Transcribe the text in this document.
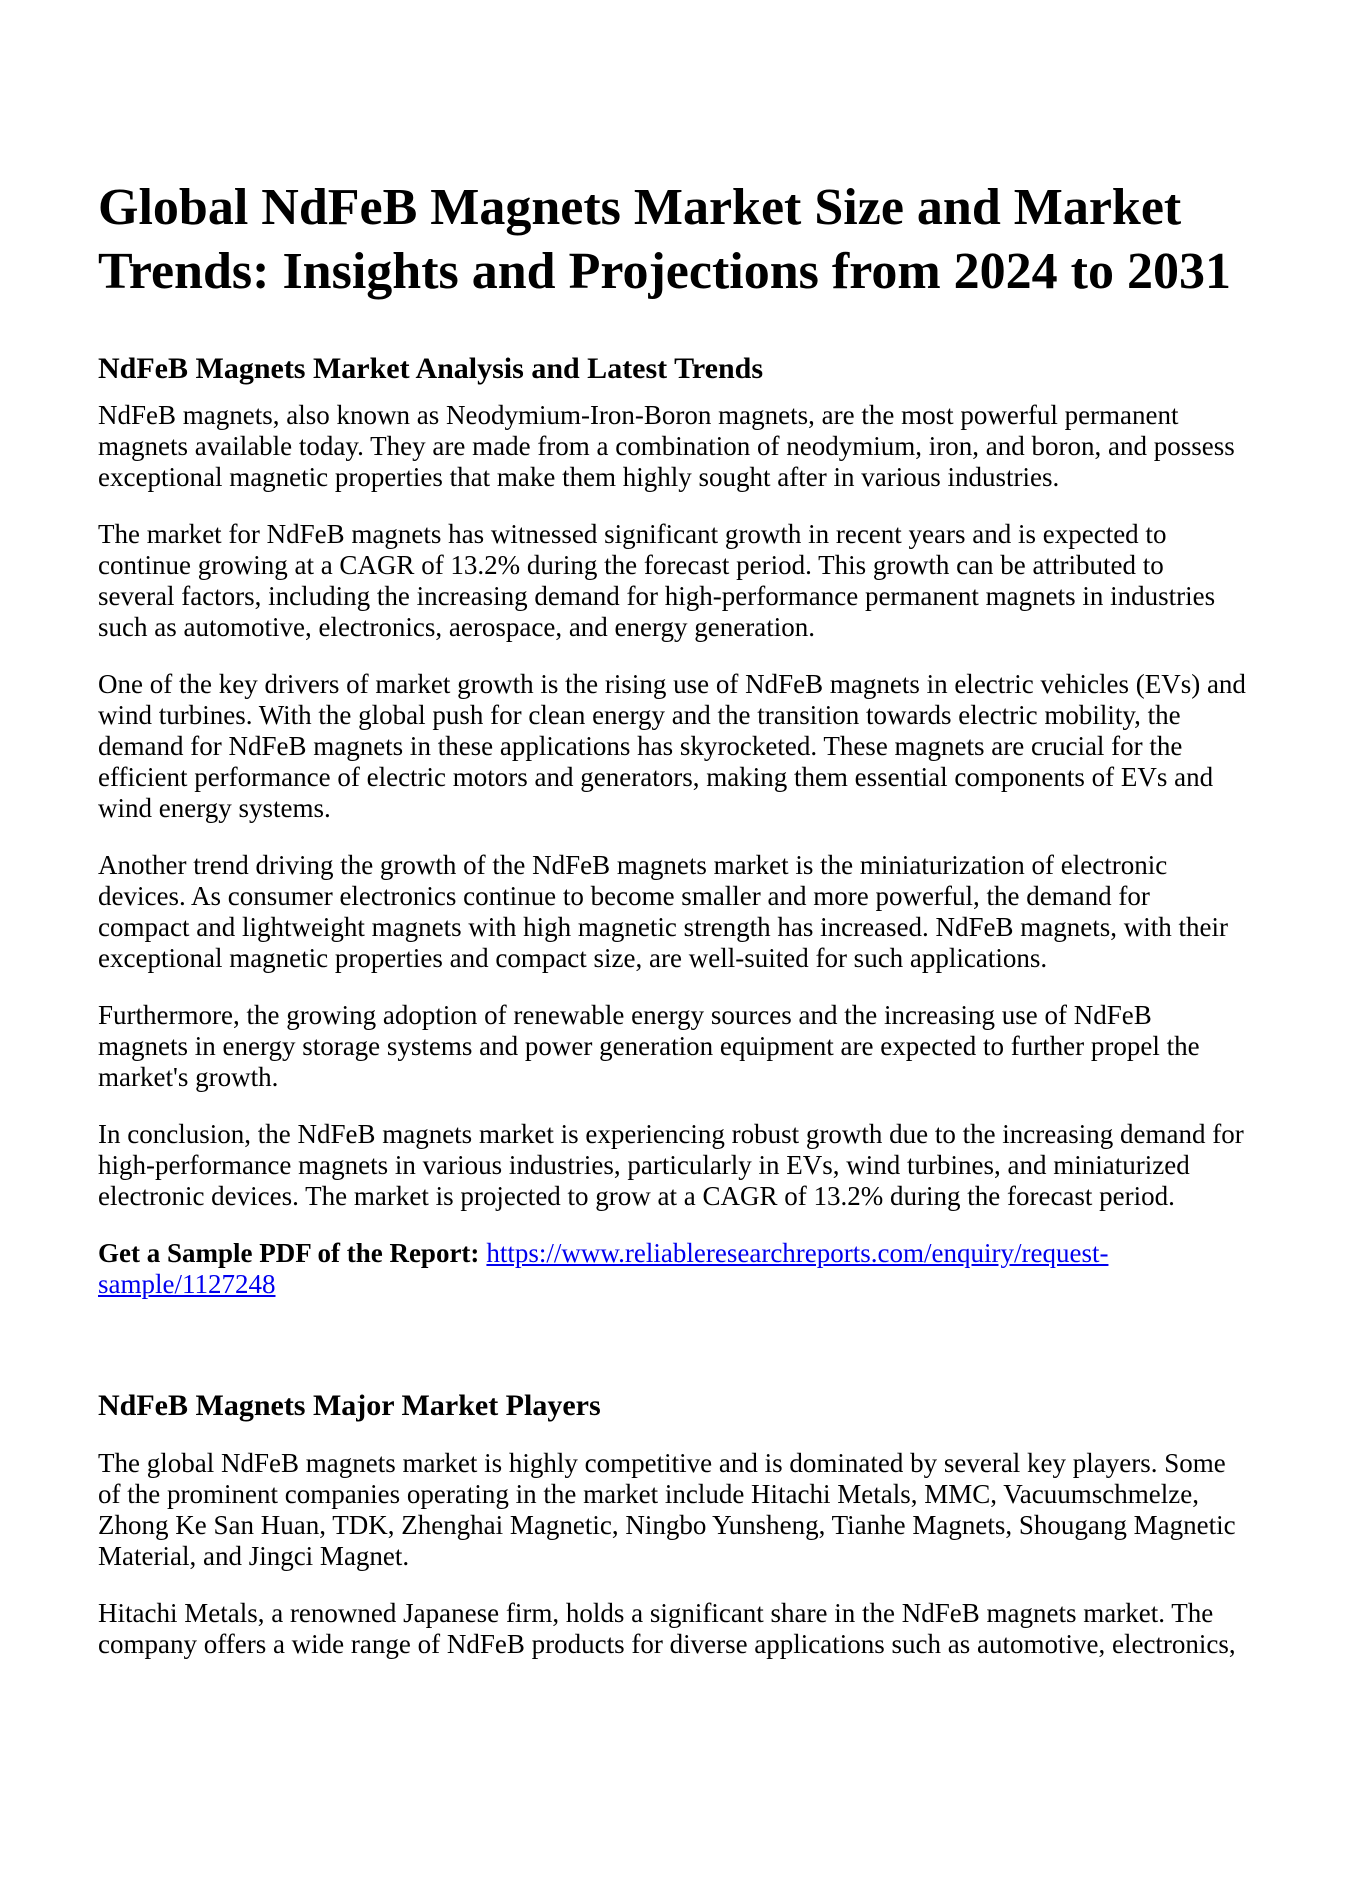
Global NdFeB Magnets Market Size and Market Trends: Insights and Projections from 2024 to 2031
NdFeB Magnets Market Analysis and Latest Trends

NdFeB magnets, also known as Neodymium-Iron-Boron magnets, are the most powerful permanent magnets available today. They are made from a combination of neodymium, iron, and boron, and possess exceptional magnetic properties that make them highly sought after in various industries.

The market for NdFeB magnets has witnessed significant growth in recent years and is expected to continue growing at a CAGR of 13.2% during the forecast period. This growth can be attributed to several factors, including the increasing demand for high-performance permanent magnets in industries such as automotive, electronics, aerospace, and energy generation.

One of the key drivers of market growth is the rising use of NdFeB magnets in electric vehicles (EVs) and wind turbines. With the global push for clean energy and the transition towards electric mobility, the demand for NdFeB magnets in these applications has skyrocketed. These magnets are crucial for the efficient performance of electric motors and generators, making them essential components of EVs and wind energy systems.

Another trend driving the growth of the NdFeB magnets market is the miniaturization of electronic devices. As consumer electronics continue to become smaller and more powerful, the demand for compact and lightweight magnets with high magnetic strength has increased. NdFeB magnets, with their exceptional magnetic properties and compact size, are well-suited for such applications.

Furthermore, the growing adoption of renewable energy sources and the increasing use of NdFeB magnets in energy storage systems and power generation equipment are expected to further propel the market's growth.

In conclusion, the NdFeB magnets market is experiencing robust growth due to the increasing demand for high-performance magnets in various industries, particularly in EVs, wind turbines, and miniaturized electronic devices. The market is projected to grow at a CAGR of 13.2% during the forecast period.

Get a Sample PDF of the Report: https://www.reliableresearchreports.com/enquiry/request-sample/1127248

NdFeB Magnets Major Market Players

The global NdFeB magnets market is highly competitive and is dominated by several key players. Some of the prominent companies operating in the market include Hitachi Metals, MMC, Vacuumschmelze, Zhong Ke San Huan, TDK, Zhenghai Magnetic, Ningbo Yunsheng, Tianhe Magnets, Shougang Magnetic Material, and Jingci Magnet.

Hitachi Metals, a renowned Japanese firm, holds a significant share in the NdFeB magnets market. The company offers a wide range of NdFeB products for diverse applications such as automotive, electronics,
